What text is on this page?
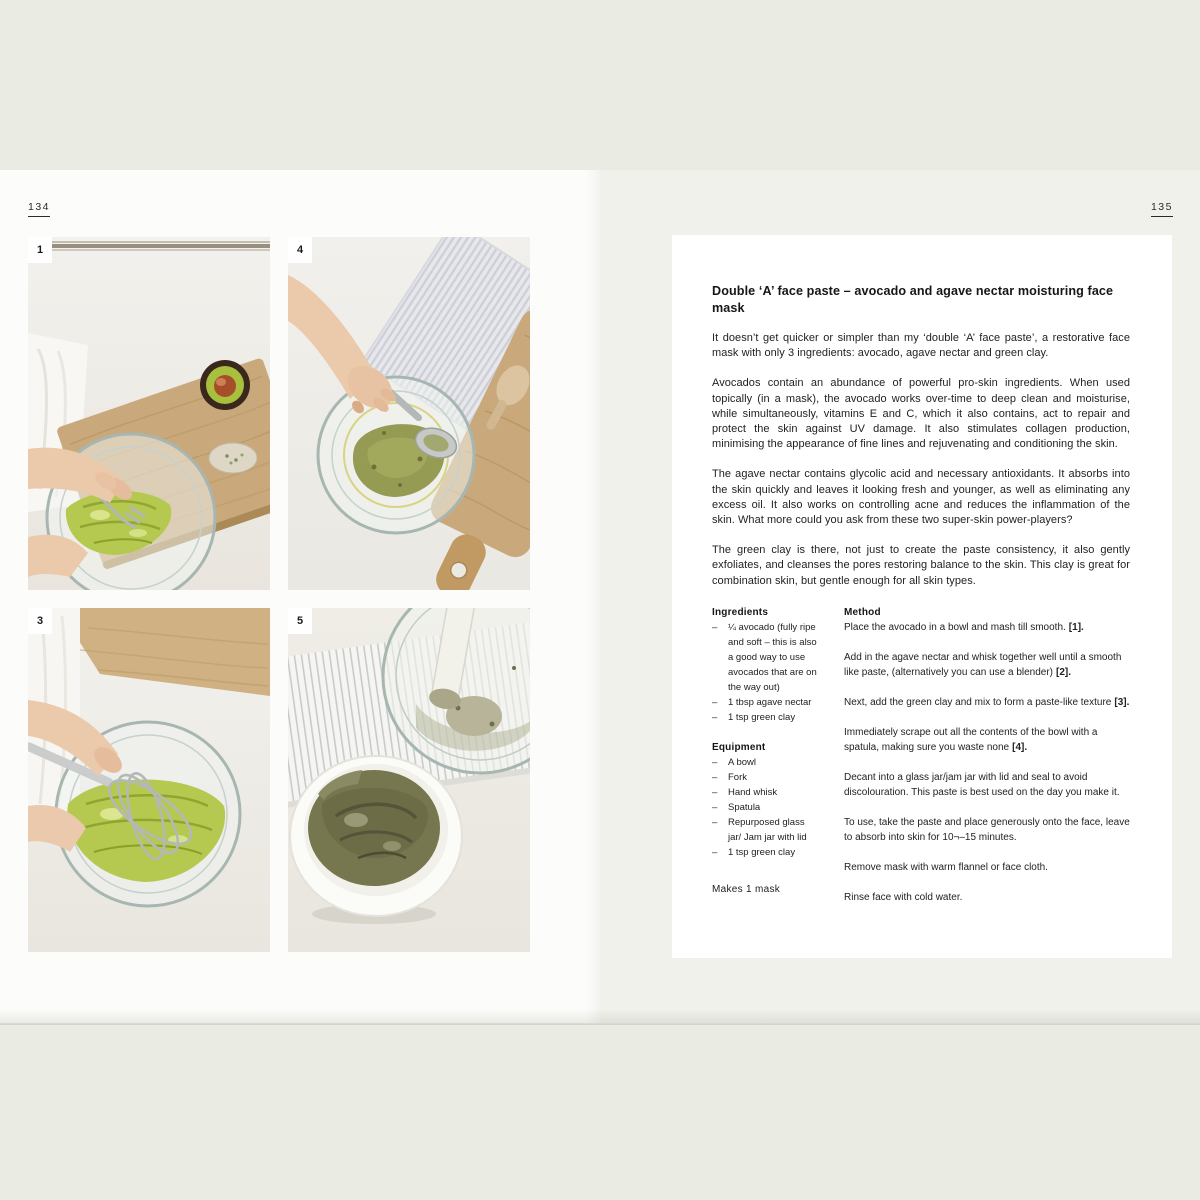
134
1	4
3	5
135
Double ‘A’ face paste – avocado and agave nectar moisturing face mask

It doesn’t get quicker or simpler than my ‘double ‘A’ face paste’, a restorative face mask with only 3 ingredients: avocado, agave nectar and green clay.

Avocados contain an abundance of powerful pro-skin ingredients. When used topically (in a mask), the avocado works over-time to deep clean and moisturise, while simultaneously, vitamins E and C, which it also contains, act to repair and protect the skin against UV damage. It also stimulates collagen production, minimising the appearance of fine lines and rejuvenating and conditioning the skin.

The agave nectar contains glycolic acid and necessary antioxidants. It absorbs into the skin quickly and leaves it looking fresh and younger, as well as eliminating any excess oil. It also works on controlling acne and reduces the inflammation of the skin. What more could you ask from these two super-skin power-players?

The green clay is there, not just to create the paste consistency, it also gently exfoliates, and cleanses the pores restoring balance to the skin. This clay is great for combination skin, but gentle enough for all skin types.

Ingredients
–	¼ avocado (fully ripe and soft – this is also a good way to use avocados that are on the way out)
–	1 tbsp agave nectar
–	1 tsp green clay
Equipment
–	A bowl
–	Fork
–	Hand whisk
–	Spatula
–	Repurposed glass jar/ Jam jar with lid
–	1 tsp green clay
Makes 1 mask
Method

Place the avocado in a bowl and mash till smooth. [1].

Add in the agave nectar and whisk together well until a smooth like paste, (alternatively you can use a blender) [2].

Next, add the green clay and mix to form a paste-like texture [3].

Immediately scrape out all the contents of the bowl with a spatula, making sure you waste none [4].

Decant into a glass jar/jam jar with lid and seal to avoid discolouration. This paste is best used on the day you make it.

To use, take the paste and place generously onto the face, leave to absorb into skin for 10¬–15 minutes.

Remove mask with warm flannel or face cloth.

Rinse face with cold water.
